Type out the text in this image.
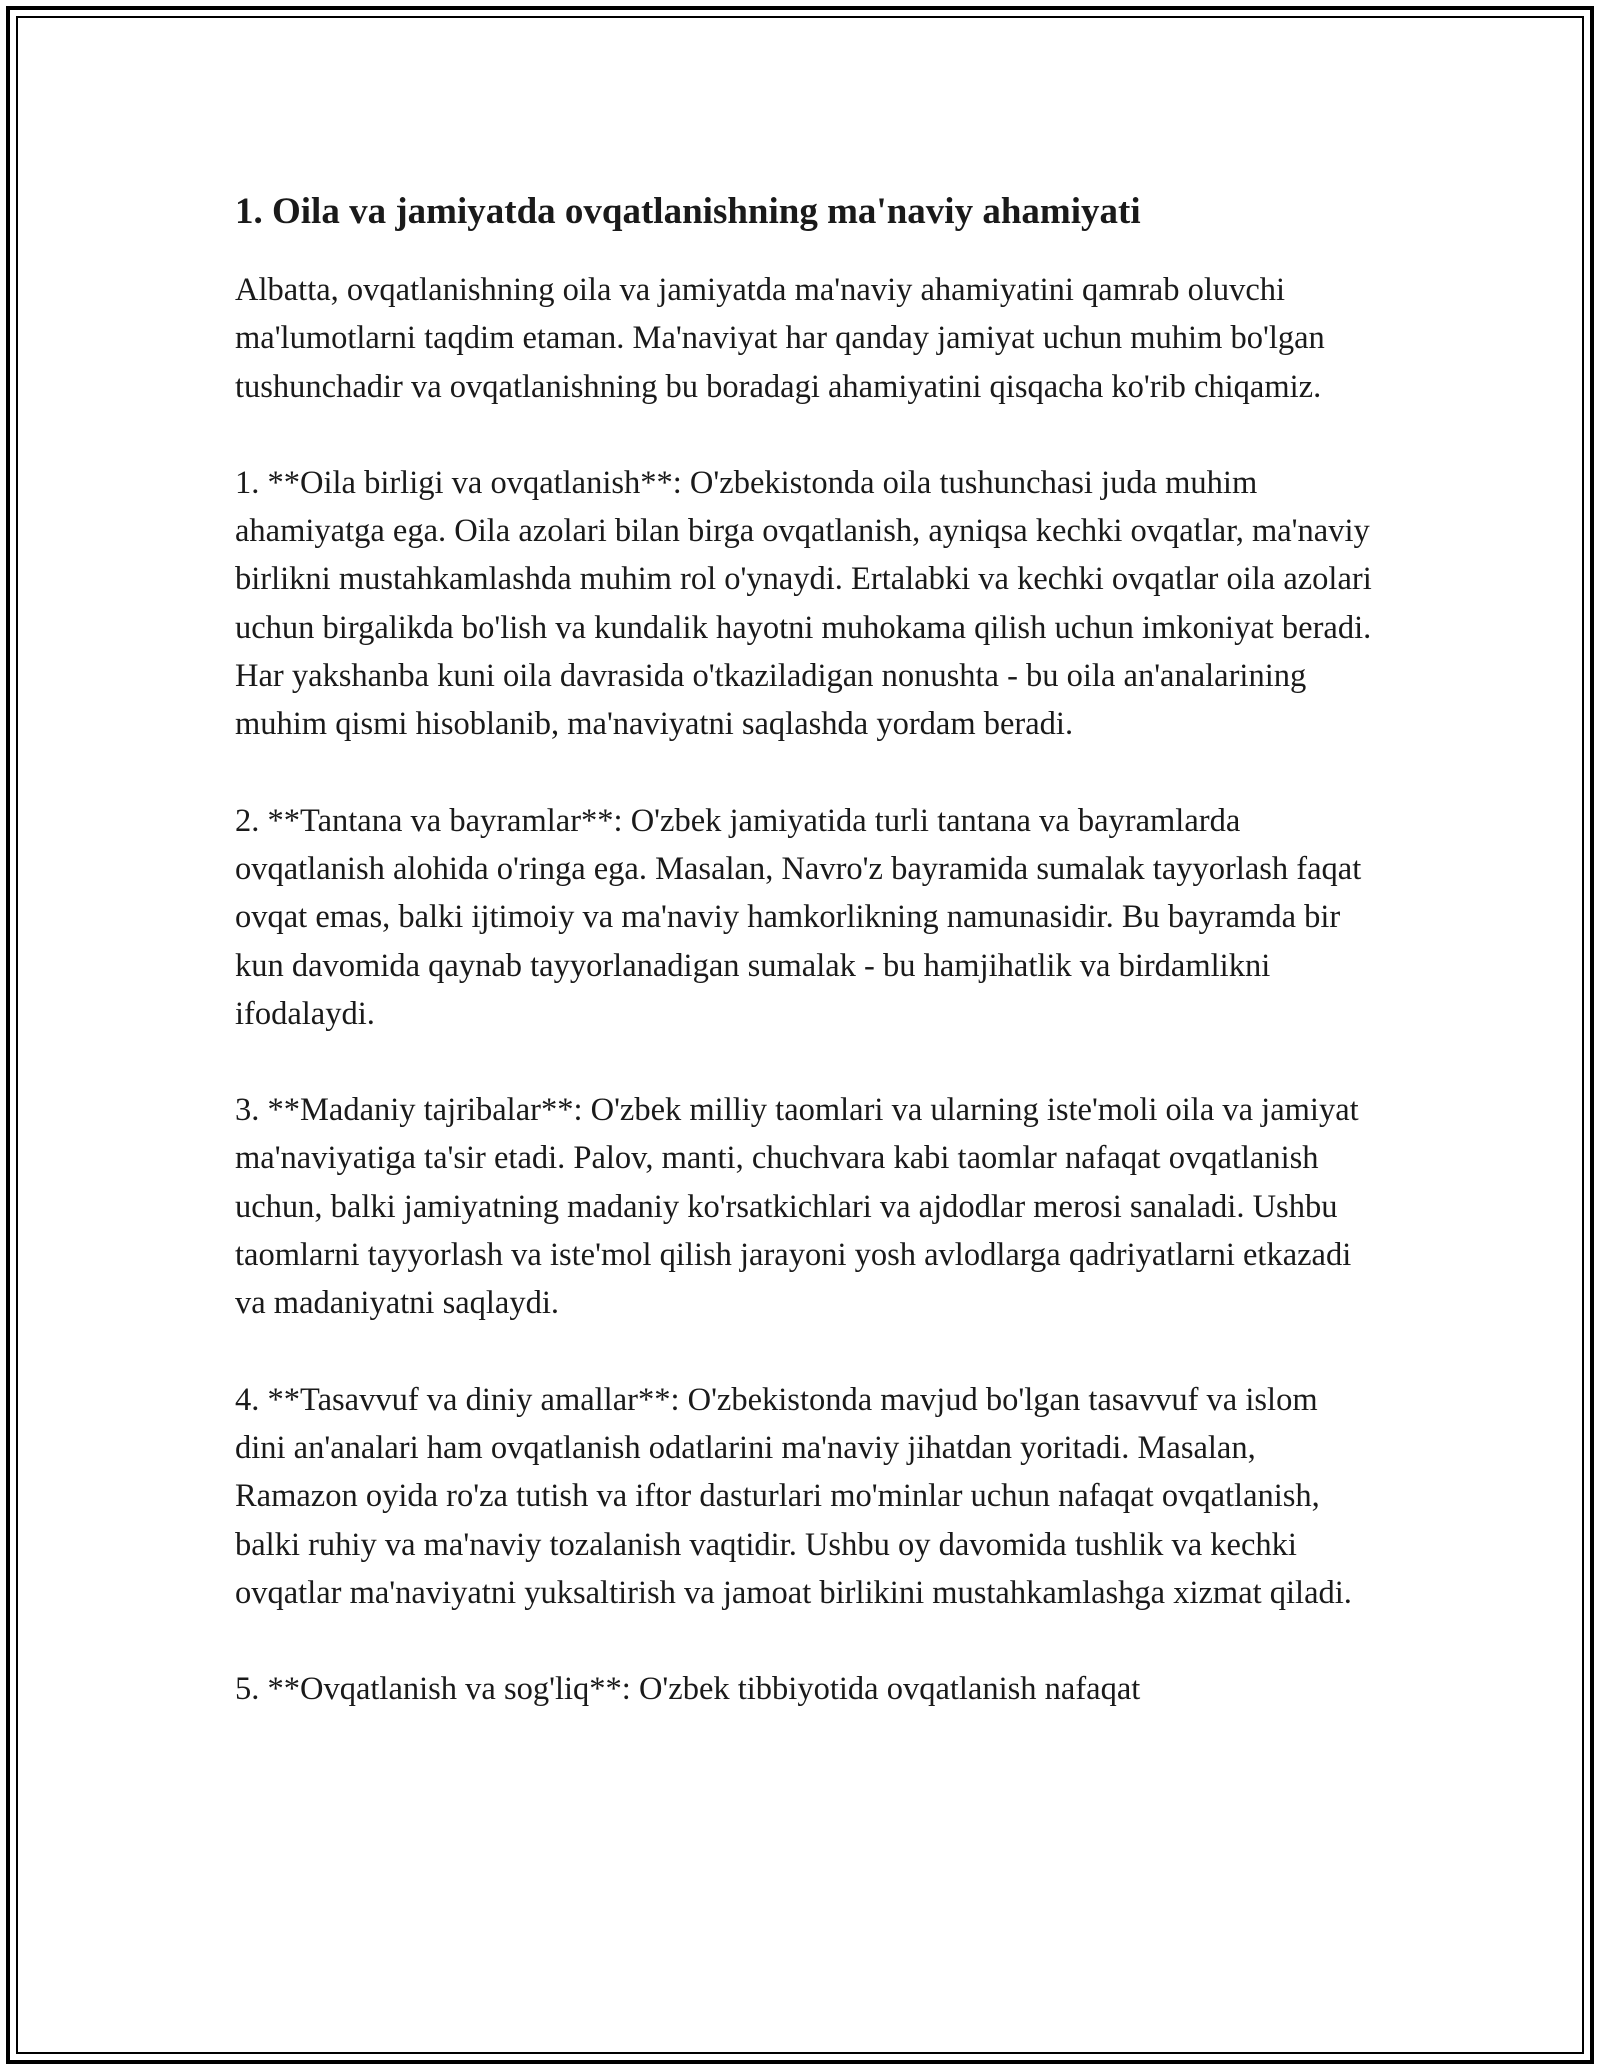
1. Oila va jamiyatda ovqatlanishning ma'naviy ahamiyati

Albatta, ovqatlanishning oila va jamiyatda ma'naviy ahamiyatini qamrab oluvchi ma'lumotlarni taqdim etaman. Ma'naviyat har qanday jamiyat uchun muhim bo'lgan tushunchadir va ovqatlanishning bu boradagi ahamiyatini qisqacha ko'rib chiqamiz.

1. **Oila birligi va ovqatlanish**: O'zbekistonda oila tushunchasi juda muhim ahamiyatga ega. Oila azolari bilan birga ovqatlanish, ayniqsa kechki ovqatlar, ma'naviy birlikni mustahkamlashda muhim rol o'ynaydi. Ertalabki va kechki ovqatlar oila azolari uchun birgalikda bo'lish va kundalik hayotni muhokama qilish uchun imkoniyat beradi. Har yakshanba kuni oila davrasida o'tkaziladigan nonushta - bu oila an'analarining muhim qismi hisoblanib, ma'naviyatni saqlashda yordam beradi.

2. **Tantana va bayramlar**: O'zbek jamiyatida turli tantana va bayramlarda ovqatlanish alohida o'ringa ega. Masalan, Navro'z bayramida sumalak tayyorlash faqat ovqat emas, balki ijtimoiy va ma'naviy hamkorlikning namunasidir. Bu bayramda bir kun davomida qaynab tayyorlanadigan sumalak - bu hamjihatlik va birdamlikni ifodalaydi.

3. **Madaniy tajribalar**: O'zbek milliy taomlari va ularning iste'moli oila va jamiyat ma'naviyatiga ta'sir etadi. Palov, manti, chuchvara kabi taomlar nafaqat ovqatlanish uchun, balki jamiyatning madaniy ko'rsatkichlari va ajdodlar merosi sanaladi. Ushbu taomlarni tayyorlash va iste'mol qilish jarayoni yosh avlodlarga qadriyatlarni etkazadi va madaniyatni saqlaydi.

4. **Tasavvuf va diniy amallar**: O'zbekistonda mavjud bo'lgan tasavvuf va islom dini an'analari ham ovqatlanish odatlarini ma'naviy jihatdan yoritadi. Masalan, Ramazon oyida ro'za tutish va iftor dasturlari mo'minlar uchun nafaqat ovqatlanish, balki ruhiy va ma'naviy tozalanish vaqtidir. Ushbu oy davomida tushlik va kechki ovqatlar ma'naviyatni yuksaltirish va jamoat birlikini mustahkamlashga xizmat qiladi.

5. **Ovqatlanish va sog'liq**: O'zbek tibbiyotida ovqatlanish nafaqat
